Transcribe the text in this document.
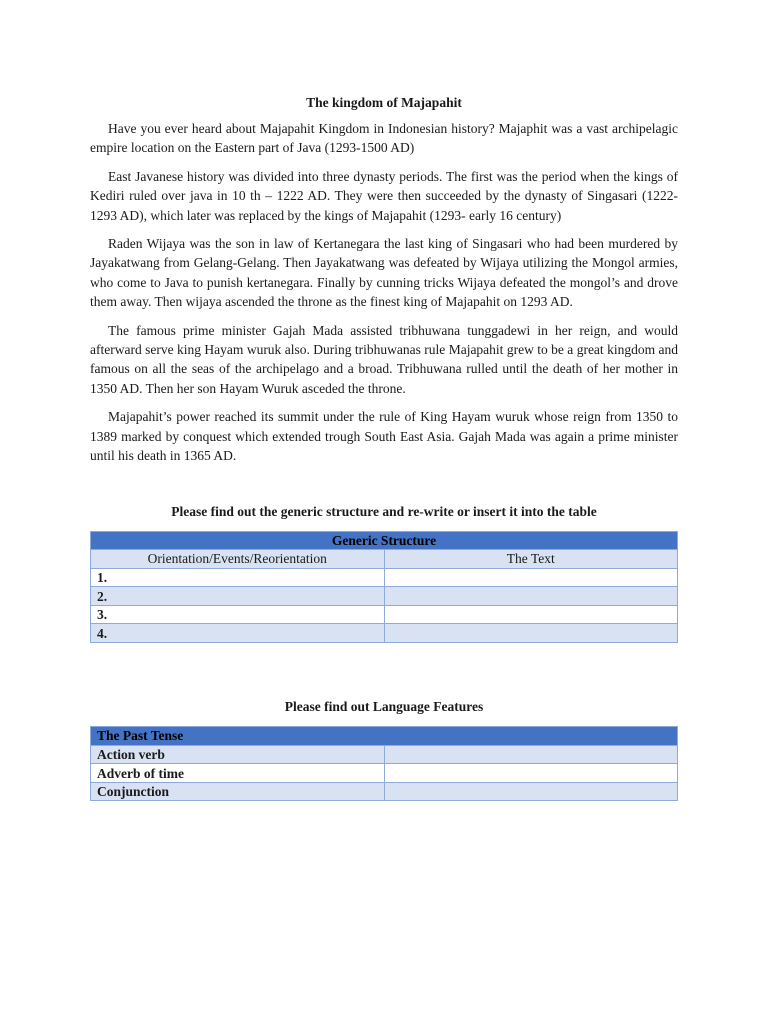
The kingdom of Majapahit

Have you ever heard about Majapahit Kingdom in Indonesian history? Majaphit was a vast archipelagic empire location on the Eastern part of Java (1293-1500 AD)

East Javanese history was divided into three dynasty periods. The first was the period when the kings of Kediri ruled over java in 10 th – 1222 AD. They were then succeeded by the dynasty of Singasari (1222-1293 AD), which later was replaced by the kings of Majapahit (1293- early 16 century)

Raden Wijaya was the son in law of Kertanegara the last king of Singasari who had been murdered by Jayakatwang from Gelang-Gelang. Then Jayakatwang was defeated by Wijaya utilizing the Mongol armies, who come to Java to punish kertanegara. Finally by cunning tricks Wijaya defeated the mongol’s and drove them away. Then wijaya ascended the throne as the finest king of Majapahit on 1293 AD.

The famous prime minister Gajah Mada assisted tribhuwana tunggadewi in her reign, and would afterward serve king Hayam wuruk also. During tribhuwanas rule Majapahit grew to be a great kingdom and famous on all the seas of the archipelago and a broad. Tribhuwana rulled until the death of her mother in 1350 AD. Then her son Hayam Wuruk asceded the throne.

Majapahit’s power reached its summit under the rule of King Hayam wuruk whose reign from 1350 to 1389 marked by conquest which extended trough South East Asia. Gajah Mada was again a prime minister until his death in 1365 AD.

Please find out the generic structure and re-write or insert it into the table
Generic Structure	
Orientation/Events/Reorientation	The Text
1.	
2.	
3.	
4.	
Please find out Language Features
The Past Tense	
Action verb	
Adverb of time	
Conjunction	
